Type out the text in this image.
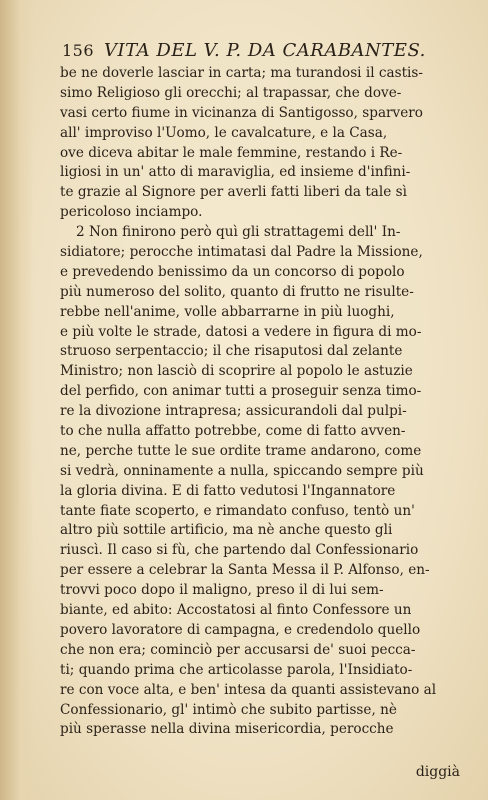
156 VITA DEL V. P. DA CARABANTES.
be ne doverle lasciar in carta; ma turandosi il castis-
simo Religioso gli orecchi; al trapassar, che dove-
vasi certo fiume in vicinanza di Santigosso, sparvero
all' improviso l'Uomo, le cavalcature, e la Casa,
ove diceva abitar le male femmine, restando i Re-
ligiosi in un' atto di maraviglia, ed insieme d'infini-
te grazie al Signore per averli fatti liberi da tale sì
pericoloso inciampo.
2 Non finirono però quì gli strattagemi dell' In-
sidiatore; perocche intimatasi dal Padre la Missione,
e prevedendo benissimo da un concorso di popolo
più numeroso del solito, quanto di frutto ne risulte-
rebbe nell'anime, volle abbarrarne in più luoghi,
e più volte le strade, datosi a vedere in figura di mo-
struoso serpentaccio; il che risaputosi dal zelante
Ministro; non lasciò di scoprire al popolo le astuzie
del perfido, con animar tutti a proseguir senza timo-
re la divozione intrapresa; assicurandoli dal pulpi-
to che nulla affatto potrebbe, come di fatto avven-
ne, perche tutte le sue ordite trame andarono, come
si vedrà, onninamente a nulla, spiccando sempre più
la gloria divina. E di fatto vedutosi l'Ingannatore
tante fiate scoperto, e rimandato confuso, tentò un'
altro più sottile artificio, ma nè anche questo gli
riuscì. Il caso si fù, che partendo dal Confessionario
per essere a celebrar la Santa Messa il P. Alfonso, en-
trovvi poco dopo il maligno, preso il di lui sem-
biante, ed abito: Accostatosi al finto Confessore un
povero lavoratore di campagna, e credendolo quello
che non era; cominciò per accusarsi de' suoi pecca-
ti; quando prima che articolasse parola, l'Insidiato-
re con voce alta, e ben' intesa da quanti assistevano al
Confessionario, gl' intimò che subito partisse, nè
più sperasse nella divina misericordia, perocche
diggià
